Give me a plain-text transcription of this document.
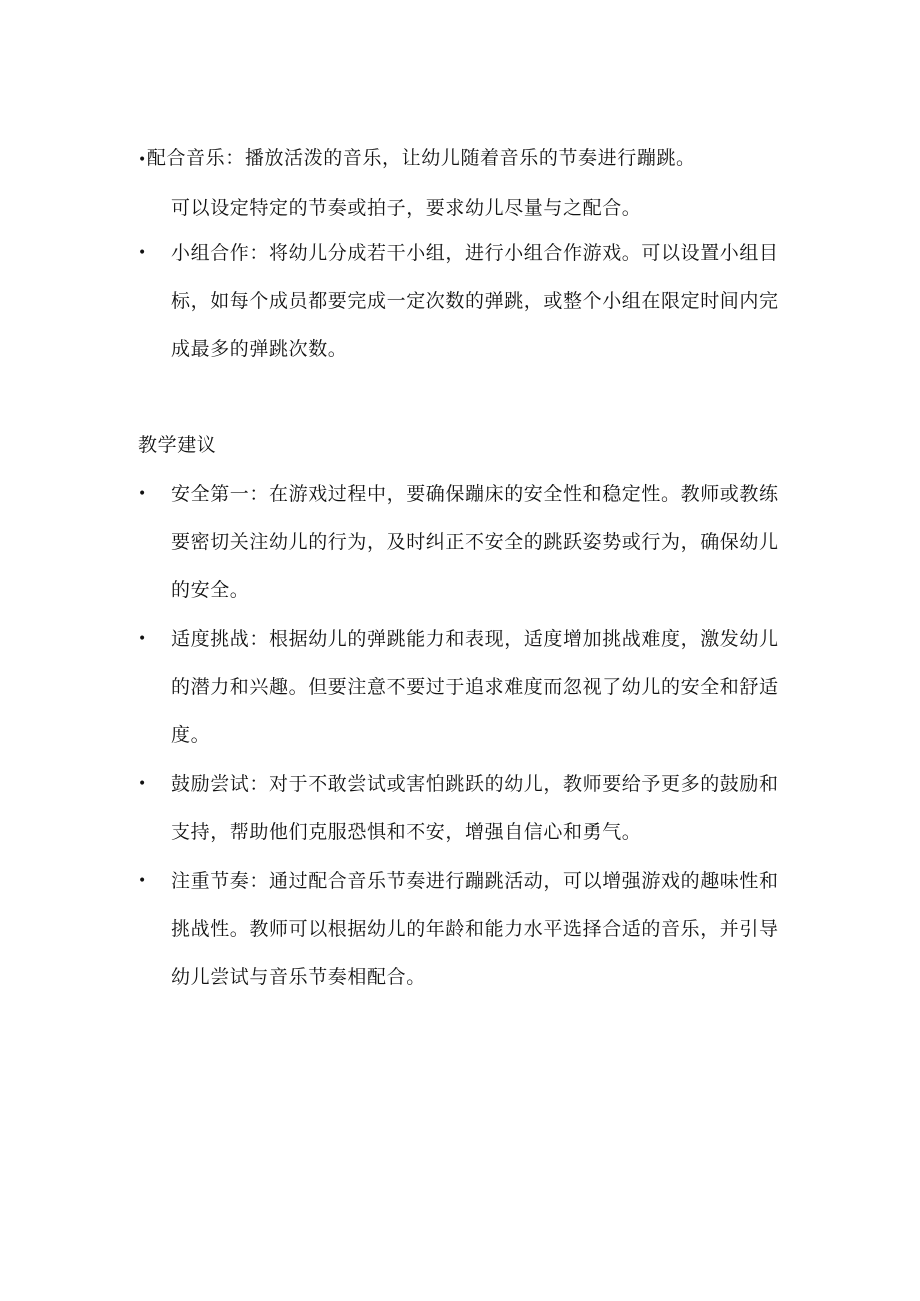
•配合音乐：播放活泼的音乐，让幼儿随着音乐的节奏进行蹦跳。
可以设定特定的节奏或拍子，要求幼儿尽量与之配合。
• 小组合作：将幼儿分成若干小组，进行小组合作游戏。可以设置小组目标，如每个成员都要完成一定次数的弹跳，或整个小组在限定时间内完成最多的弹跳次数。
教学建议
• 安全第一：在游戏过程中，要确保蹦床的安全性和稳定性。教师或教练要密切关注幼儿的行为，及时纠正不安全的跳跃姿势或行为，确保幼儿的安全。
• 适度挑战：根据幼儿的弹跳能力和表现，适度增加挑战难度，激发幼儿的潜力和兴趣。但要注意不要过于追求难度而忽视了幼儿的安全和舒适度。
• 鼓励尝试：对于不敢尝试或害怕跳跃的幼儿，教师要给予更多的鼓励和支持，帮助他们克服恐惧和不安，增强自信心和勇气。
• 注重节奏：通过配合音乐节奏进行蹦跳活动，可以增强游戏的趣味性和挑战性。教师可以根据幼儿的年龄和能力水平选择合适的音乐，并引导幼儿尝试与音乐节奏相配合。
